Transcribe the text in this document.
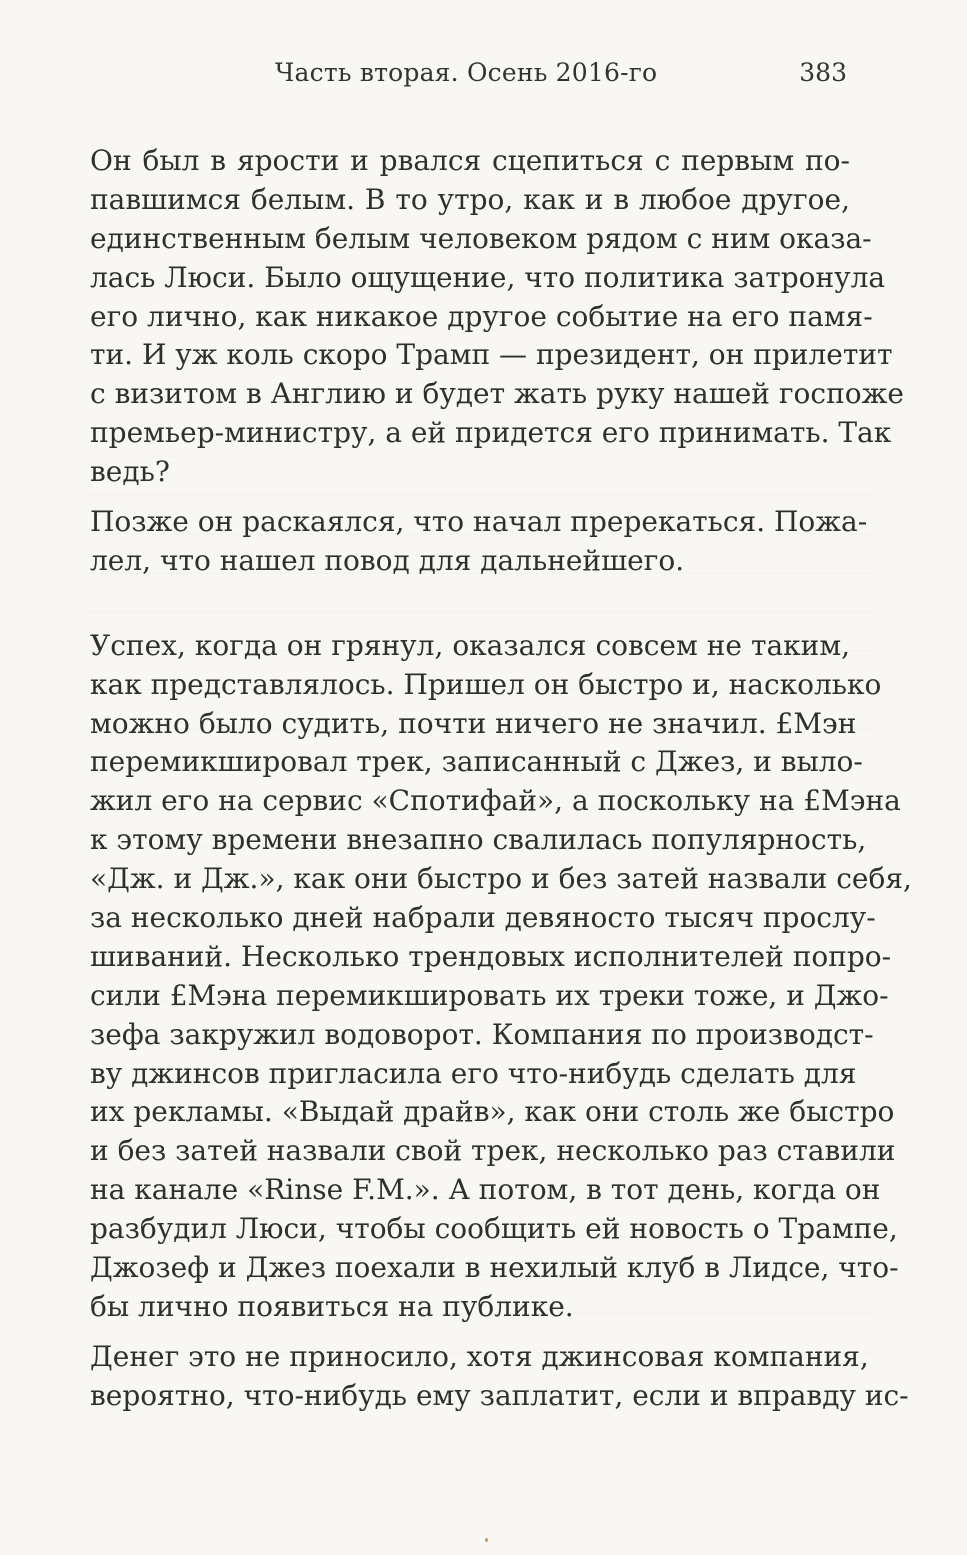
Часть вторая. Осень 2016-го	383

Он был в ярости и рвался сцепиться с первым по-
павшимся белым. В то утро, как и в любое другое,
единственным белым человеком рядом с ним оказа-
лась Люси. Было ощущение, что политика затронула
его лично, как никакое другое событие на его памя-
ти. И уж коль скоро Трамп — президент, он прилетит
с визитом в Англию и будет жать руку нашей госпоже
премьер-министру, а ей придется его принимать. Так
ведь?

Позже он раскаялся, что начал пререкаться. Пожа-
лел, что нашел повод для дальнейшего.

Успех, когда он грянул, оказался совсем не таким,
как представлялось. Пришел он быстро и, насколько
можно было судить, почти ничего не значил. £Мэн
перемикшировал трек, записанный с Джез, и выло-
жил его на сервис «Спотифай», а поскольку на £Мэна
к этому времени внезапно свалилась популярность,
«Дж. и Дж.», как они быстро и без затей назвали себя,
за несколько дней набрали девяносто тысяч прослу-
шиваний. Несколько трендовых исполнителей попро-
сили £Мэна перемикшировать их треки тоже, и Джо-
зефа закружил водоворот. Компания по производст-
ву джинсов пригласила его что-нибудь сделать для
их рекламы. «Выдай драйв», как они столь же быстро
и без затей назвали свой трек, несколько раз ставили
на канале «Rinse F.M.». А потом, в тот день, когда он
разбудил Люси, чтобы сообщить ей новость о Трампе,
Джозеф и Джез поехали в нехилый клуб в Лидсе, что-
бы лично появиться на публике.

Денег это не приносило, хотя джинсовая компания,
вероятно, что-нибудь ему заплатит, если и вправду ис-
